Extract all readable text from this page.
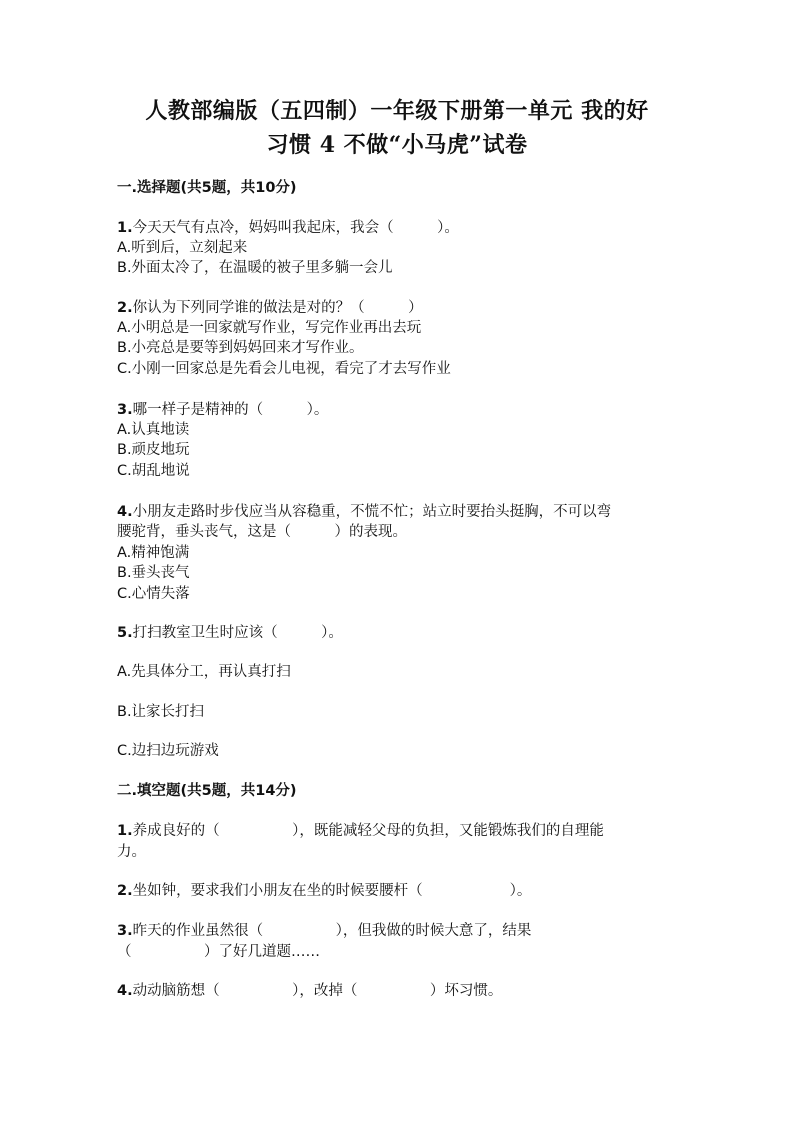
人教部编版（五四制）一年级下册第一单元 我的好
习惯 4 不做“小马虎”试卷
一.选择题(共5题，共10分)
1.今天天气有点冷，妈妈叫我起床，我会（　　　）。
A.听到后，立刻起来
B.外面太冷了，在温暖的被子里多躺一会儿
2.你认为下列同学谁的做法是对的？（　　　）
A.小明总是一回家就写作业，写完作业再出去玩
B.小亮总是要等到妈妈回来才写作业。
C.小刚一回家总是先看会儿电视，看完了才去写作业
3.哪一样子是精神的（　　　）。
A.认真地读
B.顽皮地玩
C.胡乱地说
4.小朋友走路时步伐应当从容稳重，不慌不忙；站立时要抬头挺胸，不可以弯
腰驼背，垂头丧气，这是（　　　）的表现。
A.精神饱满
B.垂头丧气
C.心情失落
5.打扫教室卫生时应该（　　　）。
A.先具体分工，再认真打扫
B.让家长打扫
C.边扫边玩游戏
二.填空题(共5题，共14分)
1.养成良好的（　　　　　），既能减轻父母的负担，又能锻炼我们的自理能
力。
2.坐如钟，要求我们小朋友在坐的时候要腰杆（　　　　　　）。
3.昨天的作业虽然很（　　　　　），但我做的时候大意了，结果
（　　　　　）了好几道题……
4.动动脑筋想（　　　　　），改掉（　　　　　）坏习惯。
